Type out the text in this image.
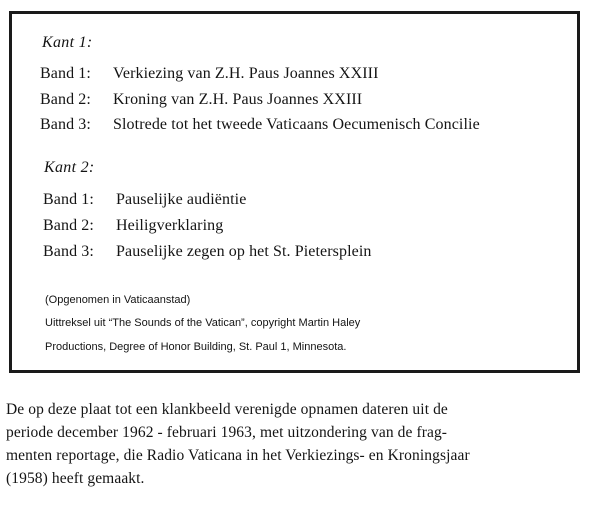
Kant 1:
Band 1: Verkiezing van Z.H. Paus Joannes XXIII
Band 2: Kroning van Z.H. Paus Joannes XXIII
Band 3: Slotrede tot het tweede Vaticaans Oecumenisch Concilie
Kant 2:
Band 1: Pauselijke audiëntie
Band 2: Heiligverklaring
Band 3: Pauselijke zegen op het St. Pietersplein
(Opgenomen in Vaticaanstad)
Uittreksel uit “The Sounds of the Vatican”, copyright Martin Haley
Productions, Degree of Honor Building, St. Paul 1, Minnesota.
De op deze plaat tot een klankbeeld verenigde opnamen dateren uit de
periode december 1962 - februari 1963, met uitzondering van de frag-
menten reportage, die Radio Vaticana in het Verkiezings- en Kroningsjaar
(1958) heeft gemaakt.
